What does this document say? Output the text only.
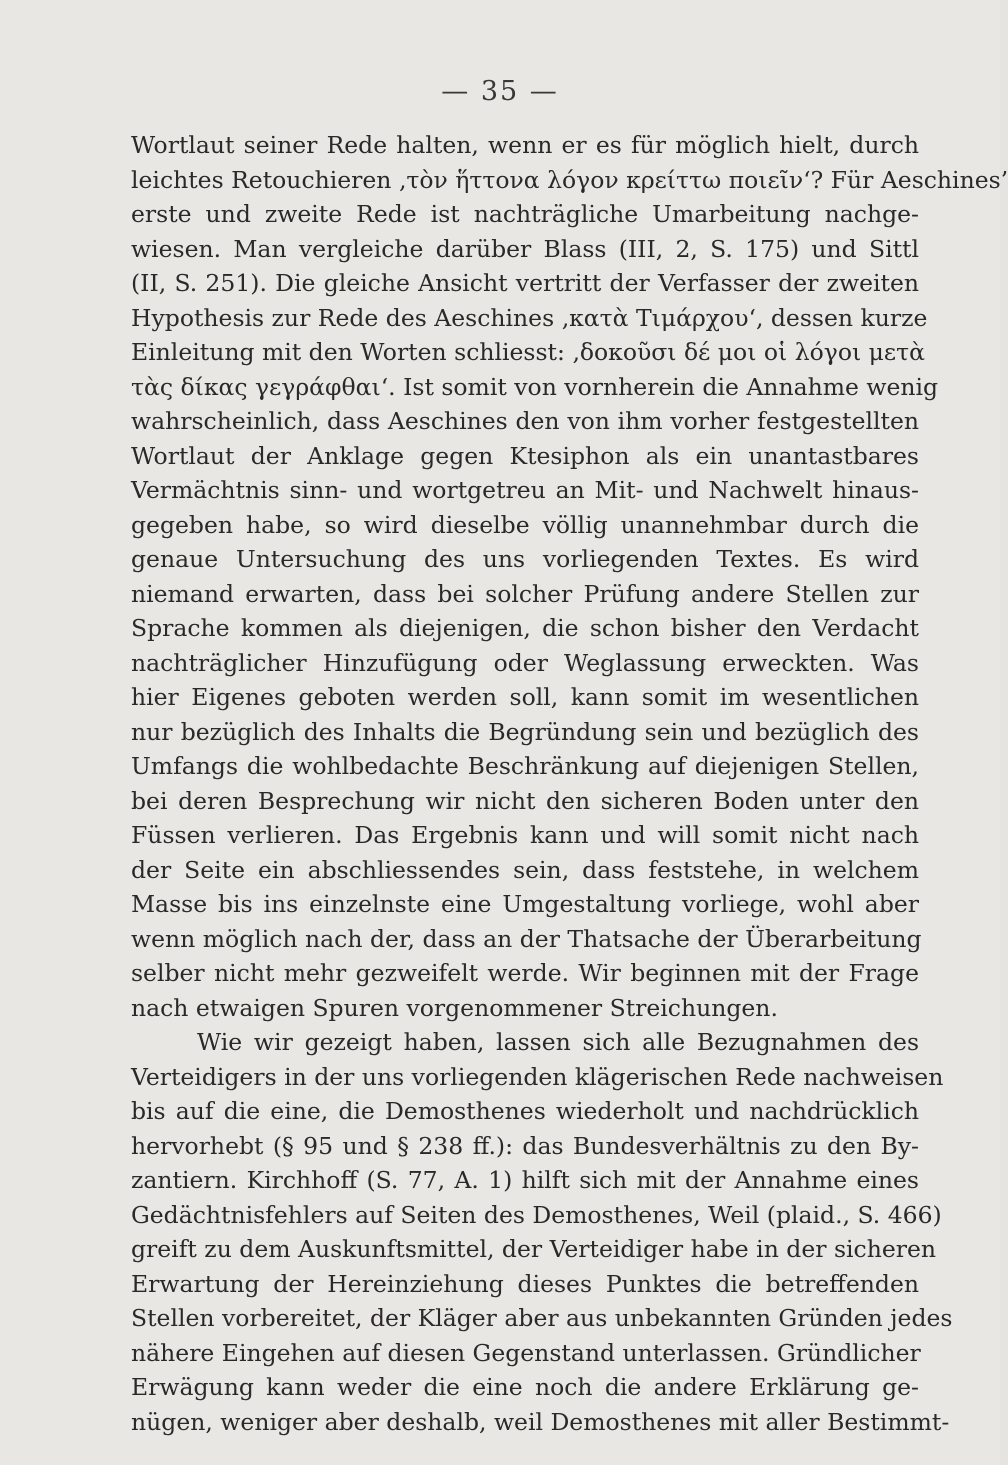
— 35 —
Wortlaut seiner Rede halten, wenn er es für möglich hielt, durch
leichtes Retouchieren ‚τὸν ἥττονα λόγον κρείττω ποιεῖν‘? Für Aeschines’
erste und zweite Rede ist nachträgliche Umarbeitung nachge-
wiesen. Man vergleiche darüber Blass (III, 2, S. 175) und Sittl
(II, S. 251). Die gleiche Ansicht vertritt der Verfasser der zweiten
Hypothesis zur Rede des Aeschines ‚κατὰ Τιμάρχου‘, dessen kurze
Einleitung mit den Worten schliesst: ‚δοκοῦσι δέ μοι οἱ λόγοι μετὰ
τὰς δίκας γεγράφθαι‘. Ist somit von vornherein die Annahme wenig
wahrscheinlich, dass Aeschines den von ihm vorher festgestellten
Wortlaut der Anklage gegen Ktesiphon als ein unantastbares
Vermächtnis sinn- und wortgetreu an Mit- und Nachwelt hinaus-
gegeben habe, so wird dieselbe völlig unannehmbar durch die
genaue Untersuchung des uns vorliegenden Textes. Es wird
niemand erwarten, dass bei solcher Prüfung andere Stellen zur
Sprache kommen als diejenigen, die schon bisher den Verdacht
nachträglicher Hinzufügung oder Weglassung erweckten. Was
hier Eigenes geboten werden soll, kann somit im wesentlichen
nur bezüglich des Inhalts die Begründung sein und bezüglich des
Umfangs die wohlbedachte Beschränkung auf diejenigen Stellen,
bei deren Besprechung wir nicht den sicheren Boden unter den
Füssen verlieren. Das Ergebnis kann und will somit nicht nach
der Seite ein abschliessendes sein, dass feststehe, in welchem
Masse bis ins einzelnste eine Umgestaltung vorliege, wohl aber
wenn möglich nach der, dass an der Thatsache der Überarbeitung
selber nicht mehr gezweifelt werde. Wir beginnen mit der Frage
nach etwaigen Spuren vorgenommener Streichungen.
Wie wir gezeigt haben, lassen sich alle Bezugnahmen des
Verteidigers in der uns vorliegenden klägerischen Rede nachweisen
bis auf die eine, die Demosthenes wiederholt und nachdrücklich
hervorhebt (§ 95 und § 238 ff.): das Bundesverhältnis zu den By-
zantiern. Kirchhoff (S. 77, A. 1) hilft sich mit der Annahme eines
Gedächtnisfehlers auf Seiten des Demosthenes, Weil (plaid., S. 466)
greift zu dem Auskunftsmittel, der Verteidiger habe in der sicheren
Erwartung der Hereinziehung dieses Punktes die betreffenden
Stellen vorbereitet, der Kläger aber aus unbekannten Gründen jedes
nähere Eingehen auf diesen Gegenstand unterlassen. Gründlicher
Erwägung kann weder die eine noch die andere Erklärung ge-
nügen, weniger aber deshalb, weil Demosthenes mit aller Bestimmt-
